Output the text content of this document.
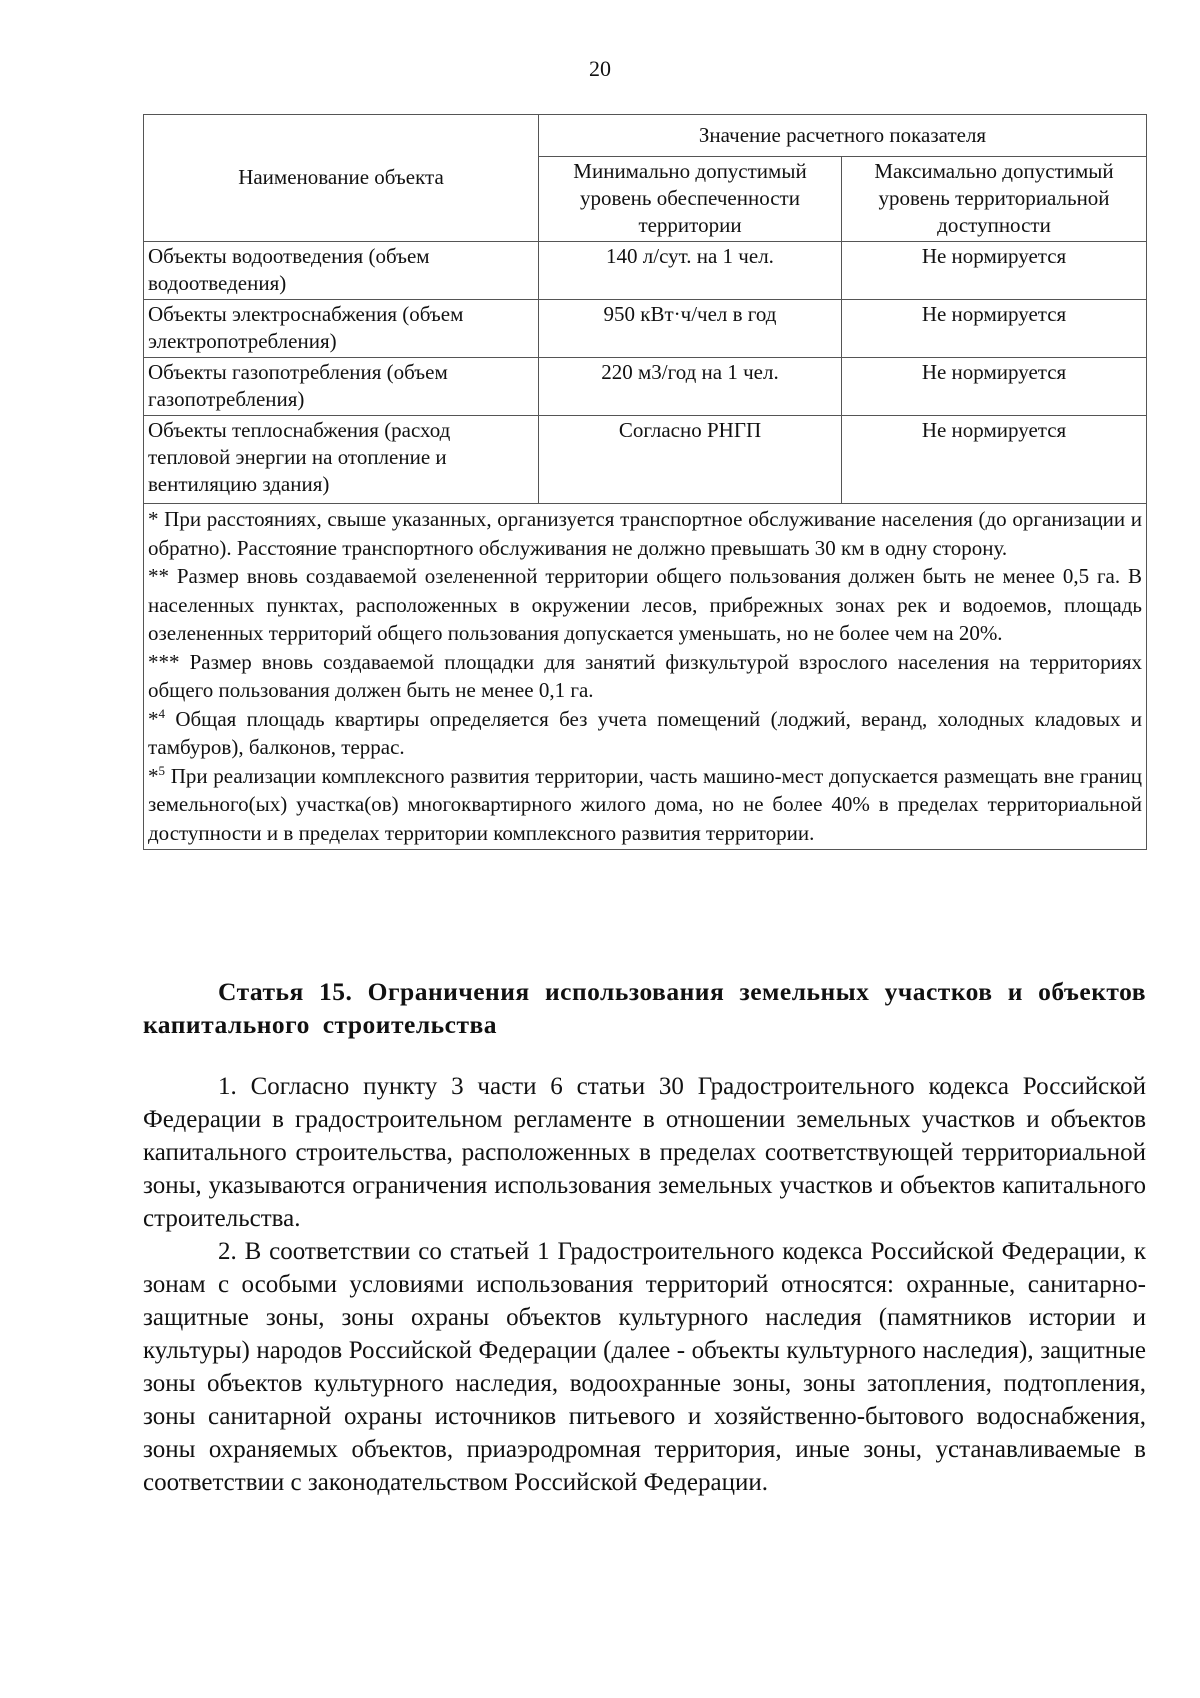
20
Наименование объекта	Значение расчетного показателя	
	Минимально допустимый уровень обеспеченности территории	Максимально допустимый уровень территориальной доступности
Объекты водоотведения (объем водоотведения)	140 л/сут. на 1 чел.	Не нормируется
Объекты электроснабжения (объем электропотребления)	950 кВт·ч/чел в год	Не нормируется
Объекты газопотребления (объем газопотребления)	220 м3/год на 1 чел.	Не нормируется
Объекты теплоснабжения (расход тепловой энергии на отопление и вентиляцию здания)	Согласно РНГП	Не нормируется

* При расстояниях, свыше указанных, организуется транспортное обслуживание населения (до организации и обратно). Расстояние транспортного обслуживания не должно превышать 30 км в одну сторону.

** Размер вновь создаваемой озелененной территории общего пользования должен быть не менее 0,5 га. В населенных пунктах, расположенных в окружении лесов, прибрежных зонах рек и водоемов, площадь озелененных территорий общего пользования допускается уменьшать, но не более чем на 20%.

*** Размер вновь создаваемой площадки для занятий физкультурой взрослого населения на территориях общего пользования должен быть не менее 0,1 га.

*$^4$ Общая площадь квартиры определяется без учета помещений (лоджий, веранд, холодных кладовых и тамбуров), балконов, террас.

*$^5$ При реализации комплексного развития территории, часть машино-мест допускается размещать вне границ земельного(ых) участка(ов) многоквартирного жилого дома, но не более 40% в пределах территориальной доступности и в пределах территории комплексного развития территории.		

Статья 15. Ограничения использования земельных участков и объектов капитального строительства

1. Согласно пункту 3 части 6 статьи 30 Градостроительного кодекса Российской Федерации в градостроительном регламенте в отношении земельных участков и объектов капитального строительства, расположенных в пределах соответствующей территориальной зоны, указываются ограничения использования земельных участков и объектов капитального строительства.

2. В соответствии со статьей 1 Градостроительного кодекса Российской Федерации, к зонам с особыми условиями использования территорий относятся: охранные, санитарно-защитные зоны, зоны охраны объектов культурного наследия (памятников истории и культуры) народов Российской Федерации (далее - объекты культурного наследия), защитные зоны объектов культурного наследия, водоохранные зоны, зоны затопления, подтопления, зоны санитарной охраны источников питьевого и хозяйственно-бытового водоснабжения, зоны охраняемых объектов, приаэродромная территория, иные зоны, устанавливаемые в соответствии с законодательством Российской Федерации.
